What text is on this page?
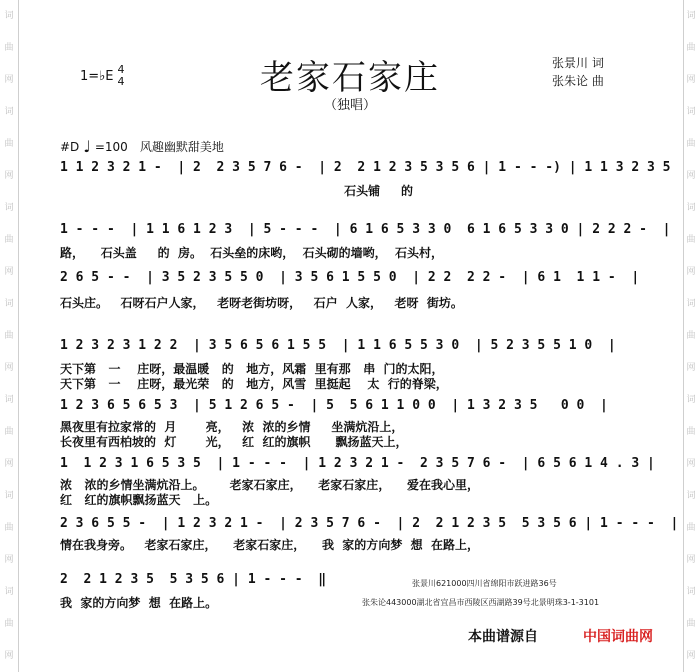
词
曲
网
词
曲
网
词
曲
网
词
曲
网
词
曲
网
词
曲
网
词
曲
网
词
曲
网
词
曲
网
词
曲
网
词
曲
网
词
曲
网
词
曲
网
词
曲
网
1=♭E 4
4	老家石家庄
（独唱）
张景川 词
张朱论 曲
#D ♩ =100 风趣幽默甜美地
1 1 2 3 2 1 -  | 2  2 3 5 7 6 -  | 2  2 1 2 3 5 3 5 6 | 1 - - -) | 1 1 3 2 3 5
石头铺     的
1 - - -  | 1 1 6 1 2 3  | 5 - - -  | 6 1 6 5 3 3 0  6 1 6 5 3 3 0 | 2 2 2 -  |
路，    石头盖     的  房。  石头垒的床哟，  石头砌的墙哟，  石头村，
2 6 5 - -  | 3 5 2 3 5 5 0  | 3 5 6 1 5 5 0  | 2 2  2 2 -  | 6 1  1 1 -  |
石头庄。   石呀石户人家，   老呀老街坊呀，   石户  人家，   老呀  街坊。
1 2 3 2 3 1 2 2  | 3 5 6 5 6 1 5 5  | 1 1 6 5 5 3 0  | 5 2 3 5 5 1 0  |
天下第   一    庄呀，最温暖   的   地方，风霜  里有那   串  门的太阳，
天下第   一    庄呀，最光荣   的   地方，风雪  里挺起    太  行的脊梁，
1 2 3 6 5 6 5 3  | 5 1 2 6 5 -  | 5  5 6 1 1 0 0  | 1 3 2 3 5   0 0  |
黑夜里有拉家常的  月       亮，   浓  浓的乡情     坐满炕沿上，
长夜里有西柏坡的  灯       光，   红  红的旗帜      飘扬蓝天上，
1  1 2 3 1 6 5 3 5  | 1 - - -  | 1 2 3 2 1 -  2 3 5 7 6 -  | 6 5 6 1 4 . 3 |
浓   浓的乡情坐满炕沿上。      老家石家庄，    老家石家庄，    爱在我心里，
红   红的旗帜飘扬蓝天   上。
2 3 6 5 5 -  | 1 2 3 2 1 -  | 2 3 5 7 6 -  | 2  2 1 2 3 5  5 3 5 6 | 1 - - -  |
情在我身旁。   老家石家庄，    老家石家庄，    我  家的方向梦  想  在路上，
2  2 1 2 3 5  5 3 5 6 | 1 - - -  ‖
我  家的方向梦  想  在路上。
张景川621000四川省绵阳市跃进路36号
张朱论443000湖北省宜昌市西陵区西湖路39号北景明珠3-1-3101
本曲谱源自	中国词曲网
